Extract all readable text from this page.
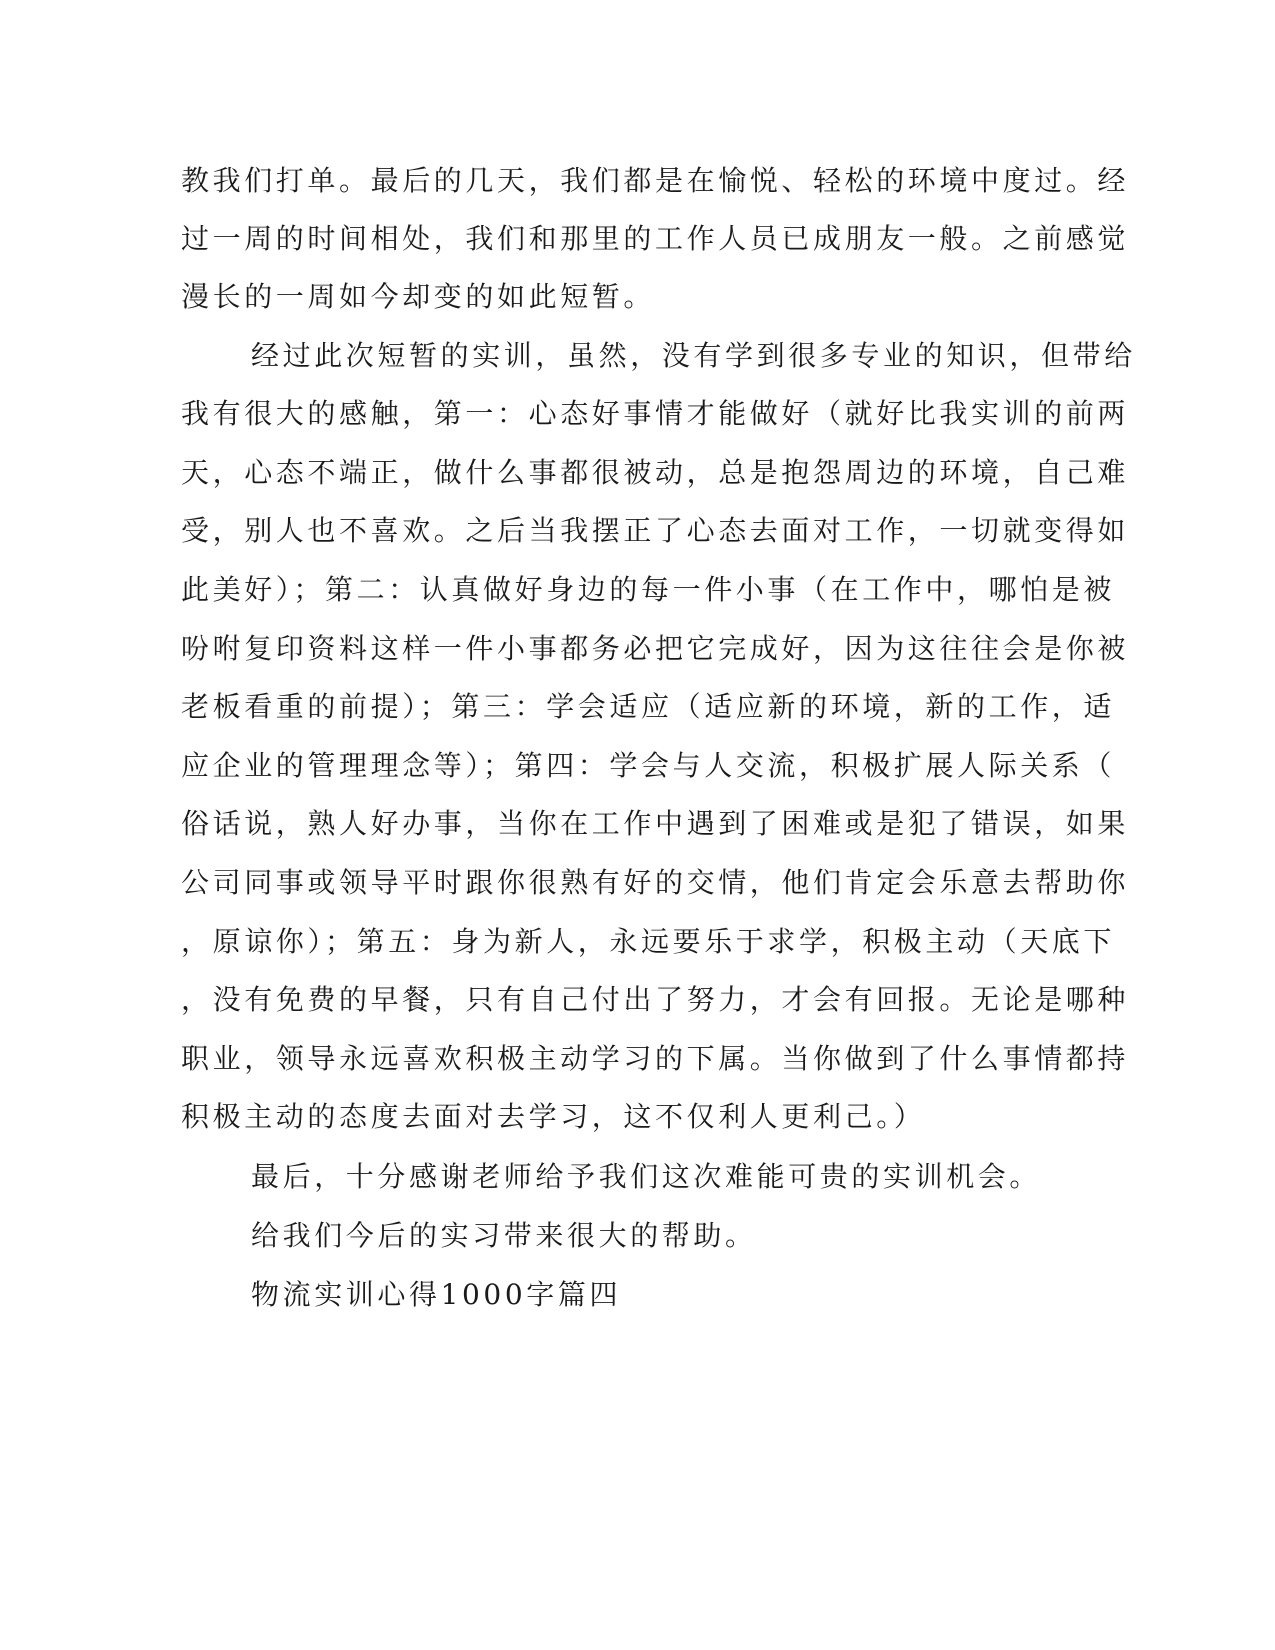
教我们打单。最后的几天，我们都是在愉悦、轻松的环境中度过。经
过一周的时间相处，我们和那里的工作人员已成朋友一般。之前感觉
漫长的一周如今却变的如此短暂。
经过此次短暂的实训，虽然，没有学到很多专业的知识，但带给
我有很大的感触，第一：心态好事情才能做好（就好比我实训的前两
天，心态不端正，做什么事都很被动，总是抱怨周边的环境，自己难
受，别人也不喜欢。之后当我摆正了心态去面对工作，一切就变得如
此美好）；第二：认真做好身边的每一件小事（在工作中，哪怕是被
吩咐复印资料这样一件小事都务必把它完成好，因为这往往会是你被
老板看重的前提）；第三：学会适应（适应新的环境，新的工作，适
应企业的管理理念等）；第四：学会与人交流，积极扩展人际关系（
俗话说，熟人好办事，当你在工作中遇到了困难或是犯了错误，如果
公司同事或领导平时跟你很熟有好的交情，他们肯定会乐意去帮助你
，原谅你）；第五：身为新人，永远要乐于求学，积极主动（天底下
，没有免费的早餐，只有自己付出了努力，才会有回报。无论是哪种
职业，领导永远喜欢积极主动学习的下属。当你做到了什么事情都持
积极主动的态度去面对去学习，这不仅利人更利己。）
最后，十分感谢老师给予我们这次难能可贵的实训机会。
给我们今后的实习带来很大的帮助。
物流实训心得1000字篇四
